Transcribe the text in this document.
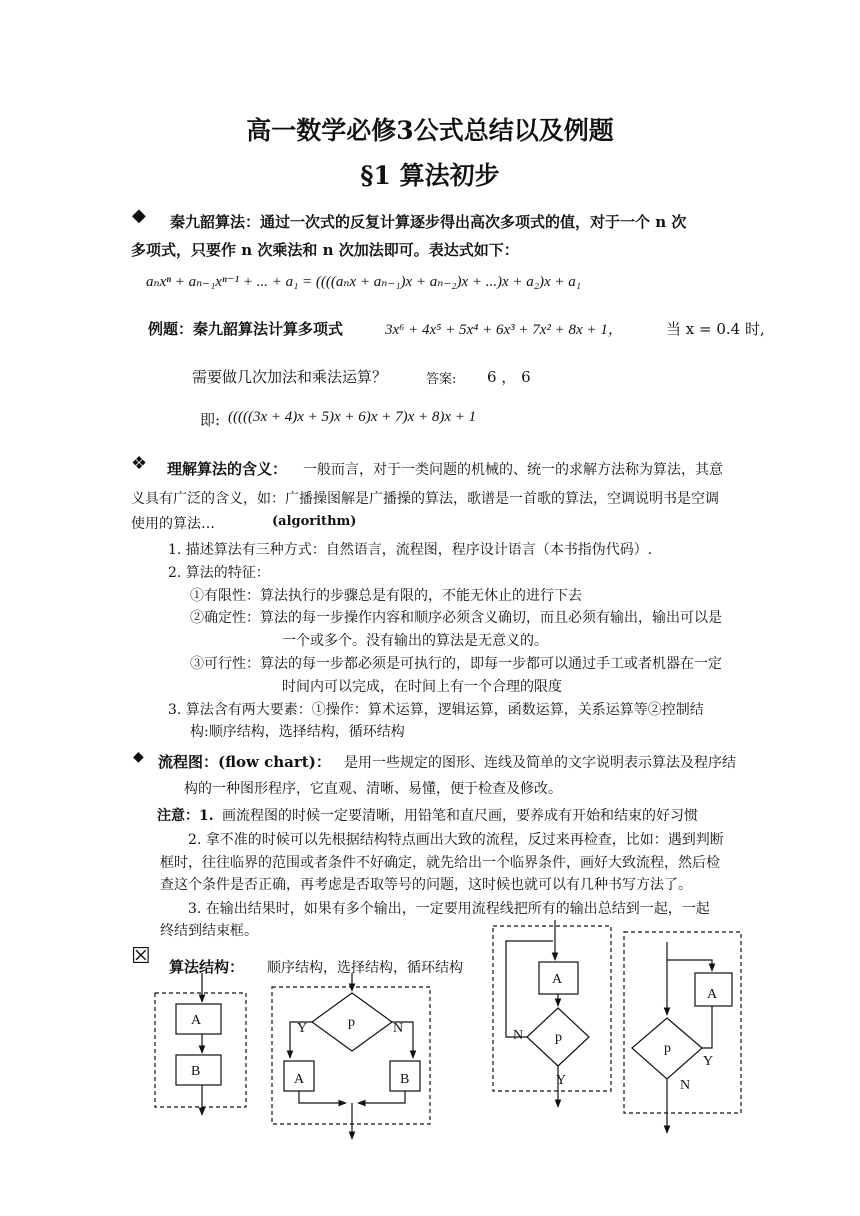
高一数学必修3公式总结以及例题
§1 算法初步
◆ 秦九韶算法：通过一次式的反复计算逐步得出高次多项式的值，对于一个 n 次
多项式，只要作 n 次乘法和 n 次加法即可。表达式如下：
aₙxⁿ + aₙ₋₁xⁿ⁻¹ + ... + a₁ = ((((aₙx + aₙ₋₁)x + aₙ₋₂)x + ...)x + a₂)x + a₁
例题：秦九韶算法计算多项式	3x⁶ + 4x⁵ + 5x⁴ + 6x³ + 7x² + 8x + 1，	当 x = 0.4 时,
需要做几次加法和乘法运算？	答案: 6 ， 6
即: (((((3x + 4)x + 5)x + 6)x + 7)x + 8)x + 1
❖ 理解算法的含义： 一般而言，对于一类问题的机械的、统一的求解方法称为算法，其意
义具有广泛的含义，如：广播操图解是广播操的算法，歌谱是一首歌的算法，空调说明书是空调
使用的算法…	(algorithm)
1. 描述算法有三种方式：自然语言，流程图，程序设计语言（本书指伪代码）.
2. 算法的特征：
①有限性：算法执行的步骤总是有限的，不能无休止的进行下去
②确定性：算法的每一步操作内容和顺序必须含义确切，而且必须有输出，输出可以是
一个或多个。没有输出的算法是无意义的。
③可行性：算法的每一步都必须是可执行的，即每一步都可以通过手工或者机器在一定
时间内可以完成，在时间上有一个合理的限度
3. 算法含有两大要素：①操作：算术运算，逻辑运算，函数运算，关系运算等②控制结
构:顺序结构，选择结构，循环结构
◆ 流程图：(flow chart)： 是用一些规定的图形、连线及简单的文字说明表示算法及程序结
构的一种图形程序，它直观、清晰、易懂，便于检查及修改。
注意：1. 画流程图的时候一定要清晰，用铅笔和直尺画，要养成有开始和结束的好习惯
2. 拿不准的时候可以先根据结构特点画出大致的流程，反过来再检查，比如：遇到判断
框时，往往临界的范围或者条件不好确定，就先给出一个临界条件，画好大致流程，然后检
查这个条件是否正确，再考虑是否取等号的问题，这时候也就可以有几种书写方法了。
3. 在输出结果时，如果有多个输出，一定要用流程线把所有的输出总结到一起，一起
终结到结束框。
☒ 算法结构： 顺序结构，选择结构，循环结构
A
B
p
Y	N
A	B
A
p
N
Y
A
p
Y
N
